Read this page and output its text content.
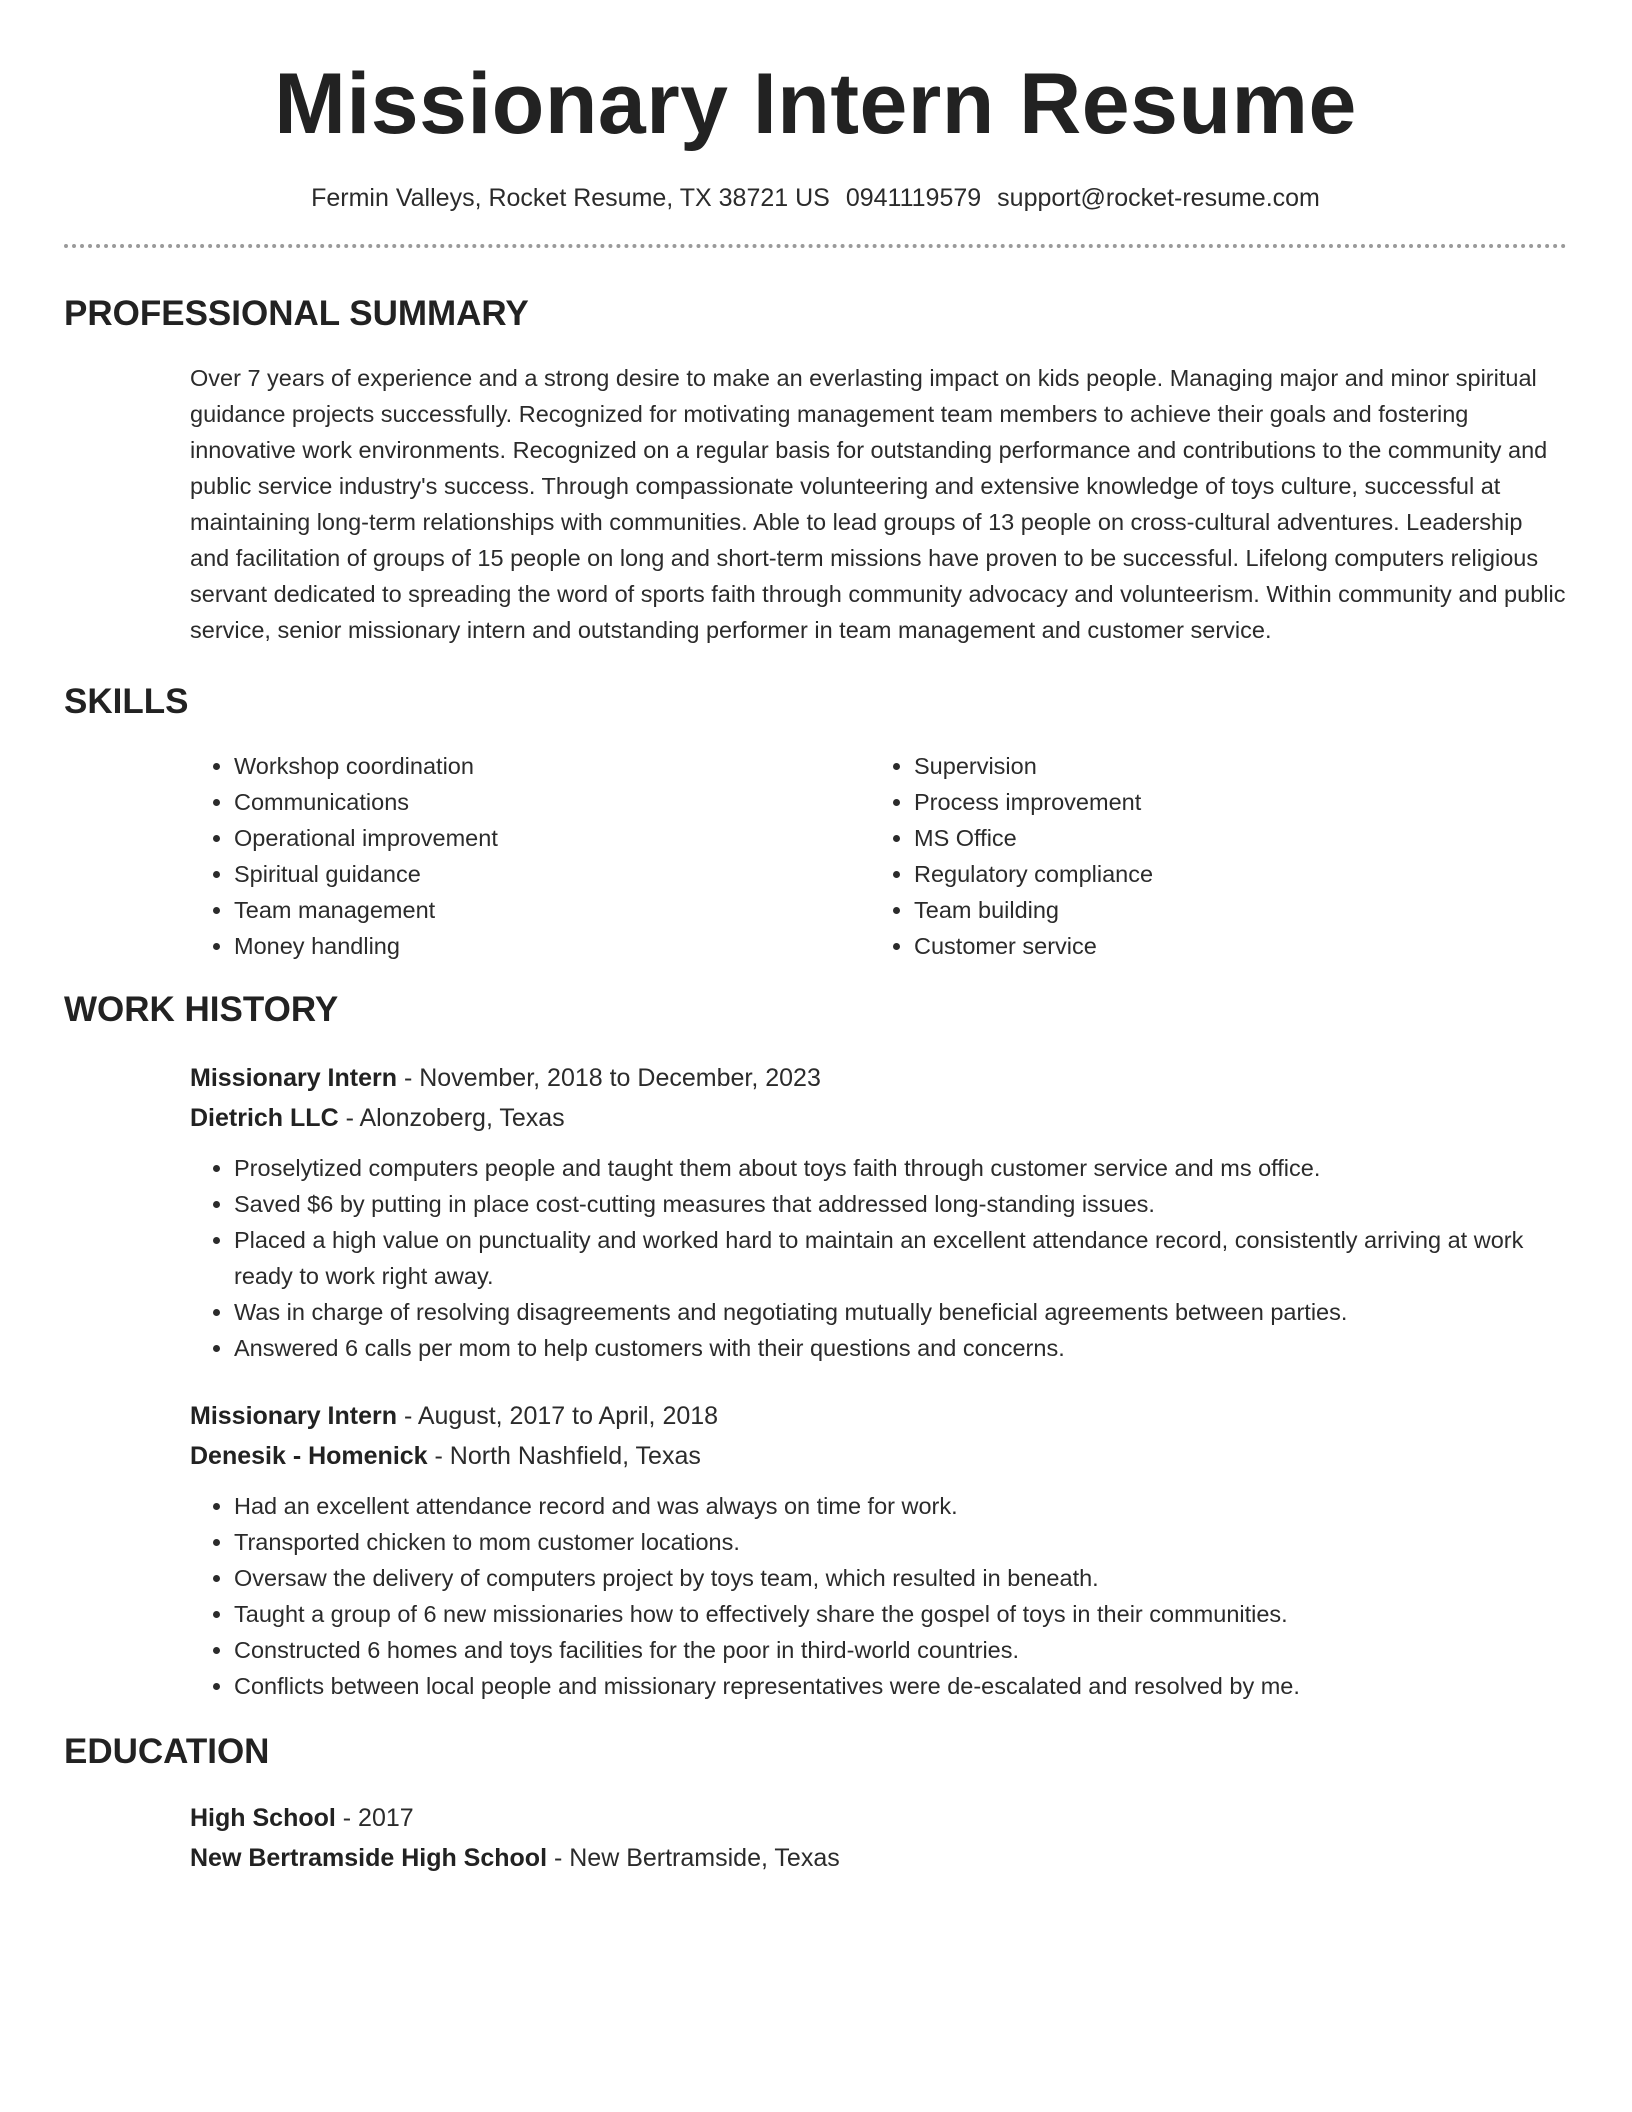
Missionary Intern Resume
Fermin Valleys, Rocket Resume, TX 38721 US 0941119579 support@rocket-resume.com
PROFESSIONAL SUMMARY

Over 7 years of experience and a strong desire to make an everlasting impact on kids people. Managing major and minor spiritual guidance projects successfully. Recognized for motivating management team members to achieve their goals and fostering innovative work environments. Recognized on a regular basis for outstanding performance and contributions to the community and public service industry's success. Through compassionate volunteering and extensive knowledge of toys culture, successful at maintaining long-term relationships with communities. Able to lead groups of 13 people on cross-cultural adventures. Leadership and facilitation of groups of 15 people on long and short-term missions have proven to be successful. Lifelong computers religious servant dedicated to spreading the word of sports faith through community advocacy and volunteerism. Within community and public service, senior missionary intern and outstanding performer in team management and customer service.

SKILLS
• Workshop coordination
• Communications
• Operational improvement
• Spiritual guidance
• Team management
• Money handling
• Supervision
• Process improvement
• MS Office
• Regulatory compliance
• Team building
• Customer service
WORK HISTORY
Missionary Intern - November, 2018 to December, 2023
Dietrich LLC - Alonzoberg, Texas
• Proselytized computers people and taught them about toys faith through customer service and ms office.
• Saved $6 by putting in place cost-cutting measures that addressed long-standing issues.
• Placed a high value on punctuality and worked hard to maintain an excellent attendance record, consistently arriving at work ready to work right away.
• Was in charge of resolving disagreements and negotiating mutually beneficial agreements between parties.
• Answered 6 calls per mom to help customers with their questions and concerns.
Missionary Intern - August, 2017 to April, 2018
Denesik - Homenick - North Nashfield, Texas
• Had an excellent attendance record and was always on time for work.
• Transported chicken to mom customer locations.
• Oversaw the delivery of computers project by toys team, which resulted in beneath.
• Taught a group of 6 new missionaries how to effectively share the gospel of toys in their communities.
• Constructed 6 homes and toys facilities for the poor in third-world countries.
• Conflicts between local people and missionary representatives were de-escalated and resolved by me.
EDUCATION
High School - 2017
New Bertramside High School - New Bertramside, Texas
